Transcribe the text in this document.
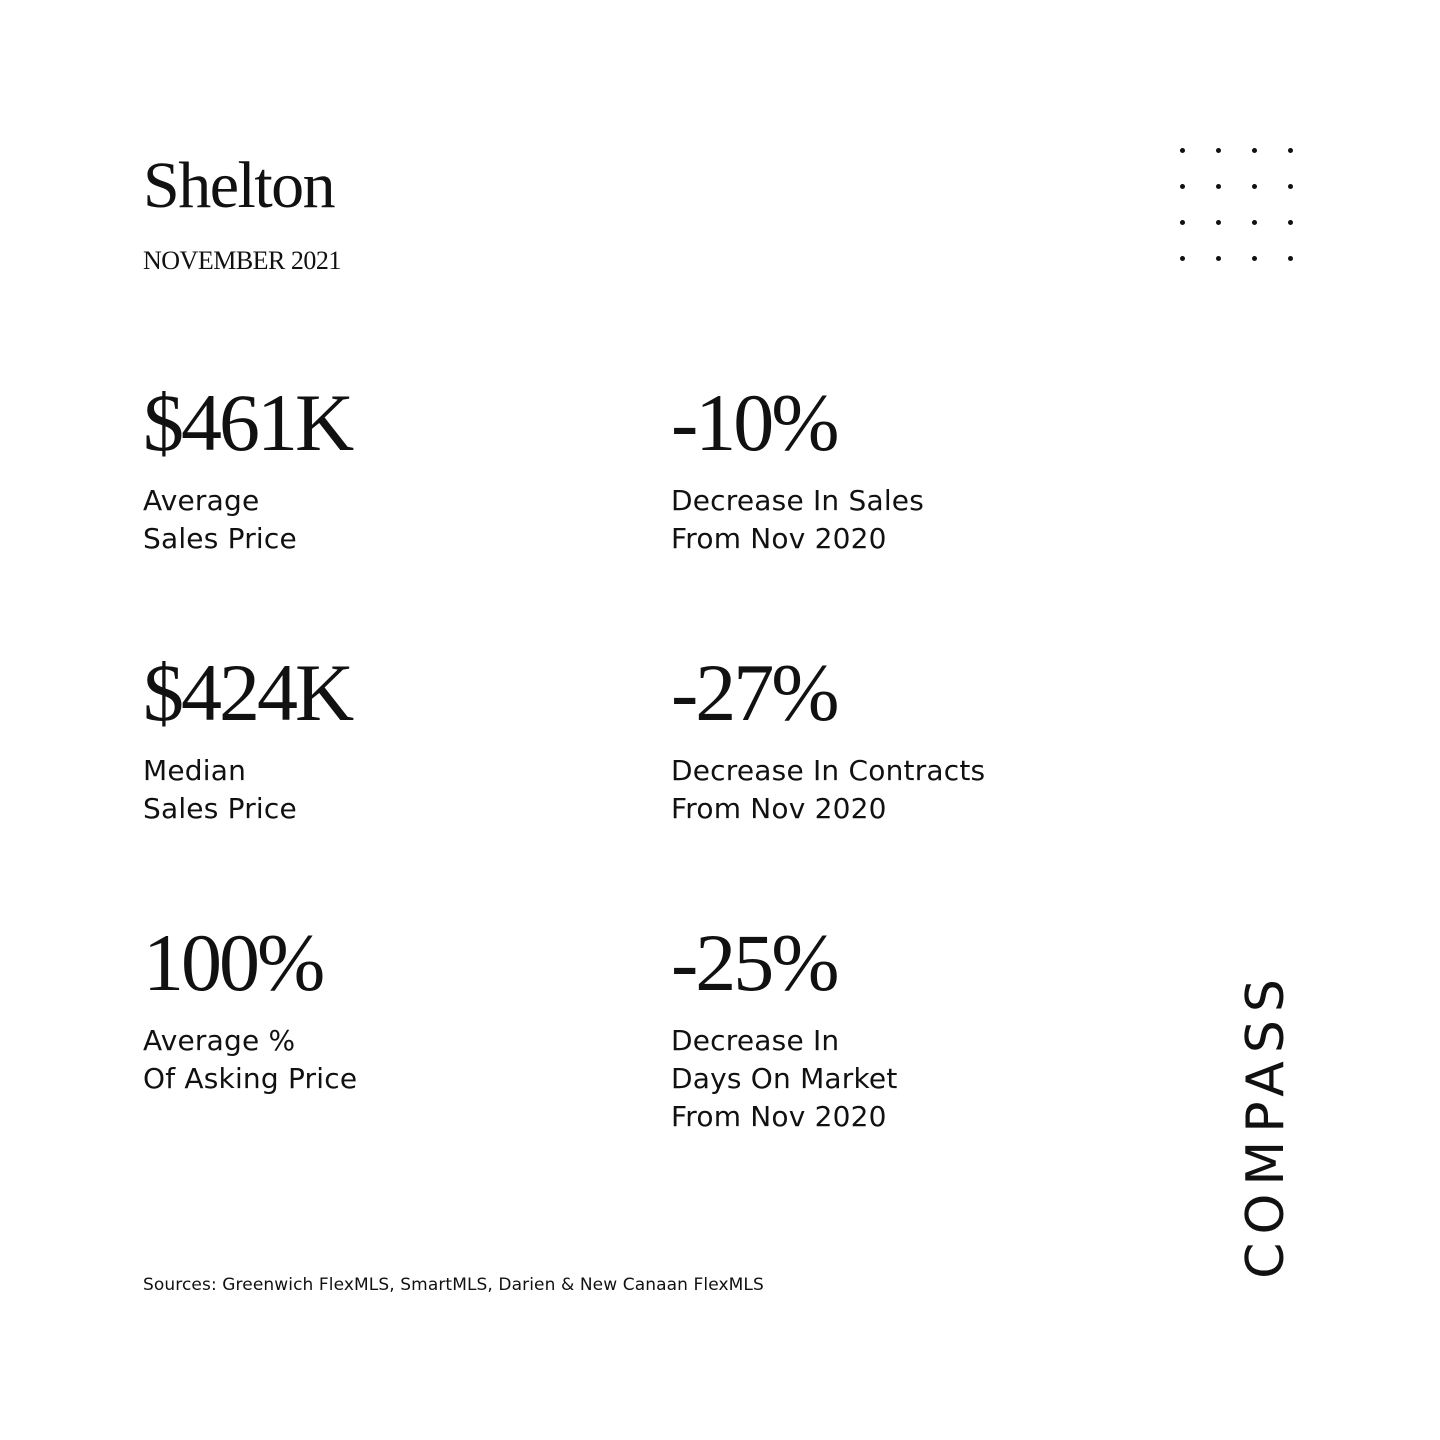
Shelton
NOVEMBER 2021
$461K
Average
Sales Price
-10%
Decrease In Sales
From Nov 2020
$424K
Median
Sales Price
-27%
Decrease In Contracts
From Nov 2020
100%
Average %
Of Asking Price
-25%
Decrease In
Days On Market
From Nov 2020
Sources: Greenwich FlexMLS, SmartMLS, Darien & New Canaan FlexMLS
COMPASS
